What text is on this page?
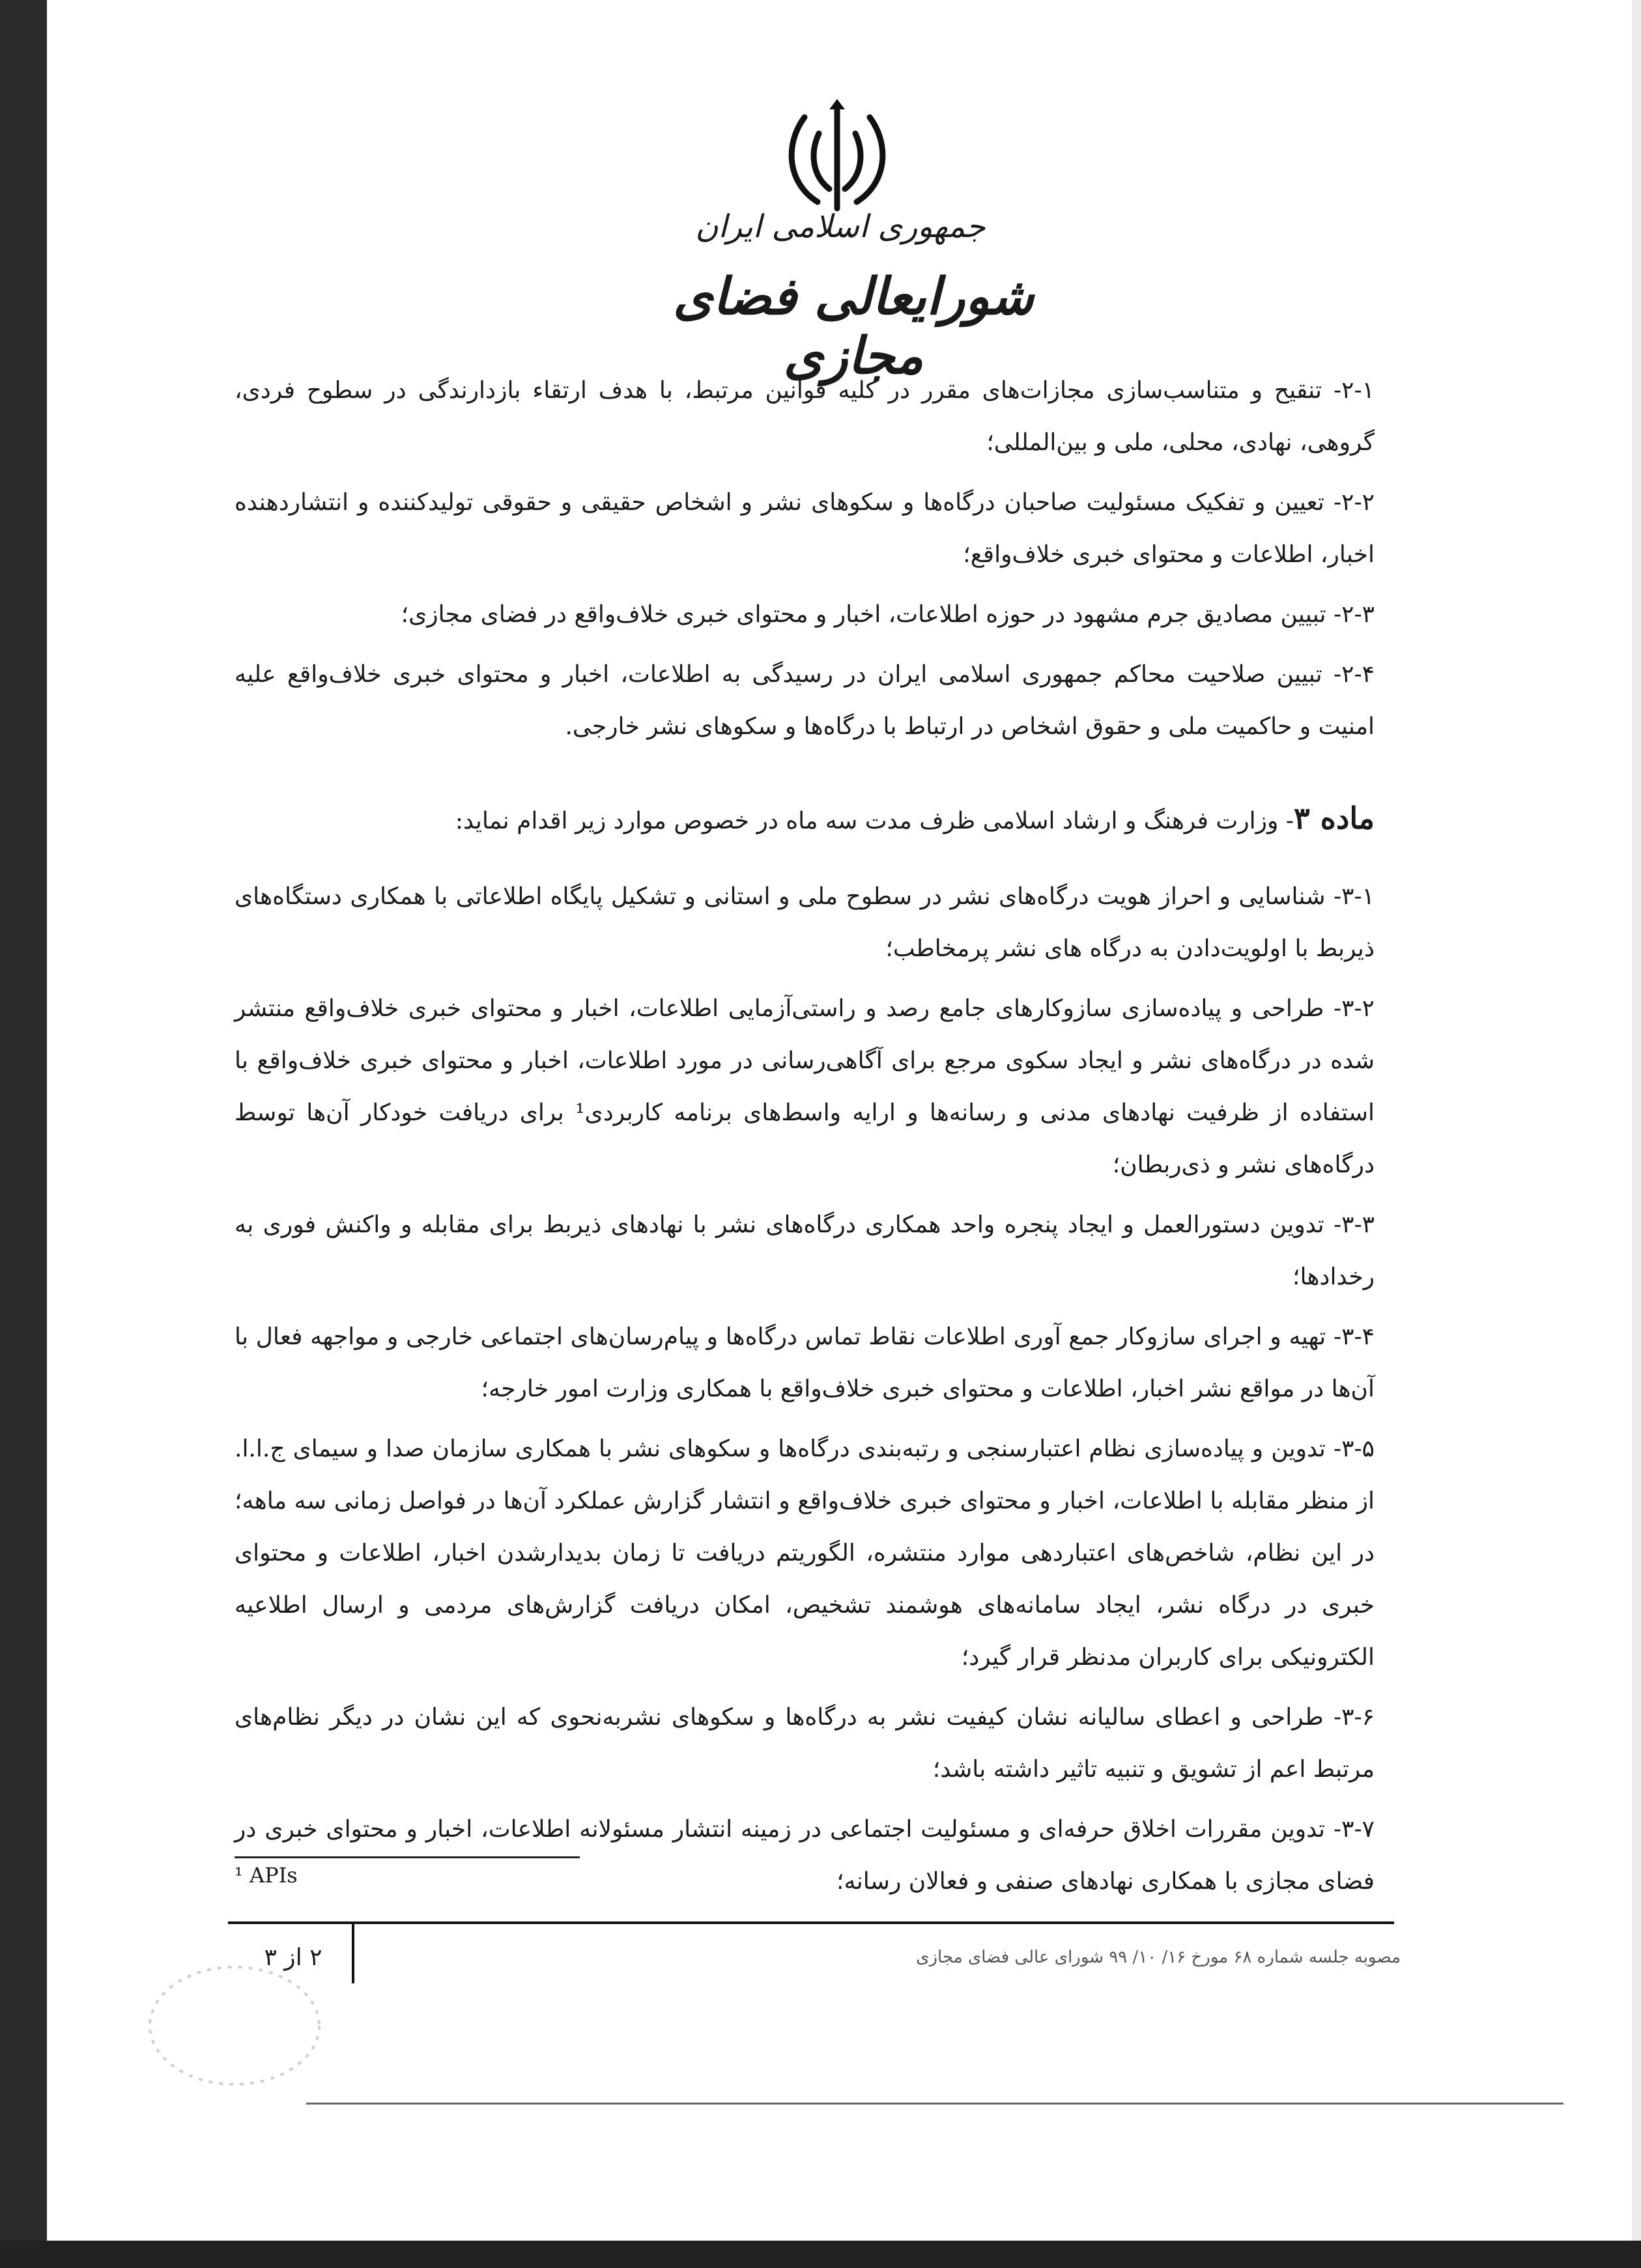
جمهوری اسلامی ایران
شورایعالی فضای مجازی

۲-۱- تنقیح و متناسب‌سازی مجازات‌های مقرر در کلیه قوانین مرتبط، با هدف ارتقاء بازدارندگی در سطوح فردی، گروهی، نهادی، محلی، ملی و بین‌المللی؛

۲-۲- تعیین و تفکیک مسئولیت صاحبان درگاه‌ها و سکوهای نشر و اشخاص حقیقی و حقوقی تولیدکننده و انتشاردهنده اخبار، اطلاعات و محتوای خبری خلاف‌واقع؛

۲-۳- تبیین مصادیق جرم مشهود در حوزه اطلاعات، اخبار و محتوای خبری خلاف‌واقع در فضای مجازی؛

۲-۴- تبیین صلاحیت محاکم جمهوری اسلامی ایران در رسیدگی به اطلاعات، اخبار و محتوای خبری خلاف‌واقع علیه امنیت و حاکمیت ملی و حقوق اشخاص در ارتباط با درگاه‌ها و سکوهای نشر خارجی.

ماده ۳- وزارت فرهنگ و ارشاد اسلامی ظرف مدت سه ماه در خصوص موارد زیر اقدام نماید:

۳-۱- شناسایی و احراز هویت درگاه‌های نشر در سطوح ملی و استانی و تشکیل پایگاه اطلاعاتی با همکاری دستگاه‌های ذیربط با اولویت‌دادن به درگاه های نشر پرمخاطب؛

۳-۲- طراحی و پیاده‌سازی سازوکارهای جامع رصد و راستی‌آزمایی اطلاعات، اخبار و محتوای خبری خلاف‌واقع منتشر شده در درگاه‌های نشر و ایجاد سکوی مرجع برای آگاهی‌رسانی در مورد اطلاعات، اخبار و محتوای خبری خلاف‌واقع با استفاده از ظرفیت نهادهای مدنی و رسانه‌ها و ارایه واسط‌های برنامه کاربردی¹ برای دریافت خودکار آن‌ها توسط درگاه‌های نشر و ذی‌ربطان؛

۳-۳- تدوین دستورالعمل و ایجاد پنجره واحد همکاری درگاه‌های نشر با نهادهای ذیربط برای مقابله و واکنش فوری به رخدادها؛

۳-۴- تهیه و اجرای سازوکار جمع آوری اطلاعات نقاط تماس درگاه‌ها و پیام‌رسان‌های اجتماعی خارجی و مواجهه فعال با آن‌ها در مواقع نشر اخبار، اطلاعات و محتوای خبری خلاف‌واقع با همکاری وزارت امور خارجه؛

۳-۵- تدوین و پیاده‌سازی نظام اعتبارسنجی و رتبه‌بندی درگاه‌ها و سکوهای نشر با همکاری سازمان صدا و سیمای ج.ا.ا. از منظر مقابله با اطلاعات، اخبار و محتوای خبری خلاف‌واقع و انتشار گزارش عملکرد آن‌ها در فواصل زمانی سه ماهه؛ در این نظام، شاخص‌های اعتباردهی موارد منتشره، الگوریتم دریافت تا زمان بدیدارشدن اخبار، اطلاعات و محتوای خبری در درگاه نشر، ایجاد سامانه‌های هوشمند تشخیص، امکان دریافت گزارش‌های مردمی و ارسال اطلاعیه الکترونیکی برای کاربران مدنظر قرار گیرد؛

۳-۶- طراحی و اعطای سالیانه نشان کیفیت نشر به درگاه‌ها و سکوهای نشربه‌نحوی که این نشان در دیگر نظام‌های مرتبط اعم از تشویق و تنبیه تاثیر داشته باشد؛

۳-۷- تدوین مقررات اخلاق حرفه‌ای و مسئولیت اجتماعی در زمینه انتشار مسئولانه اطلاعات، اخبار و محتوای خبری در فضای مجازی با همکاری نهادهای صنفی و فعالان رسانه؛

¹ APIs
۲ از ۳	مصوبه جلسه شماره ۶۸ مورخ ۱۶/ ۱۰/ ۹۹ شورای عالی فضای مجازی
